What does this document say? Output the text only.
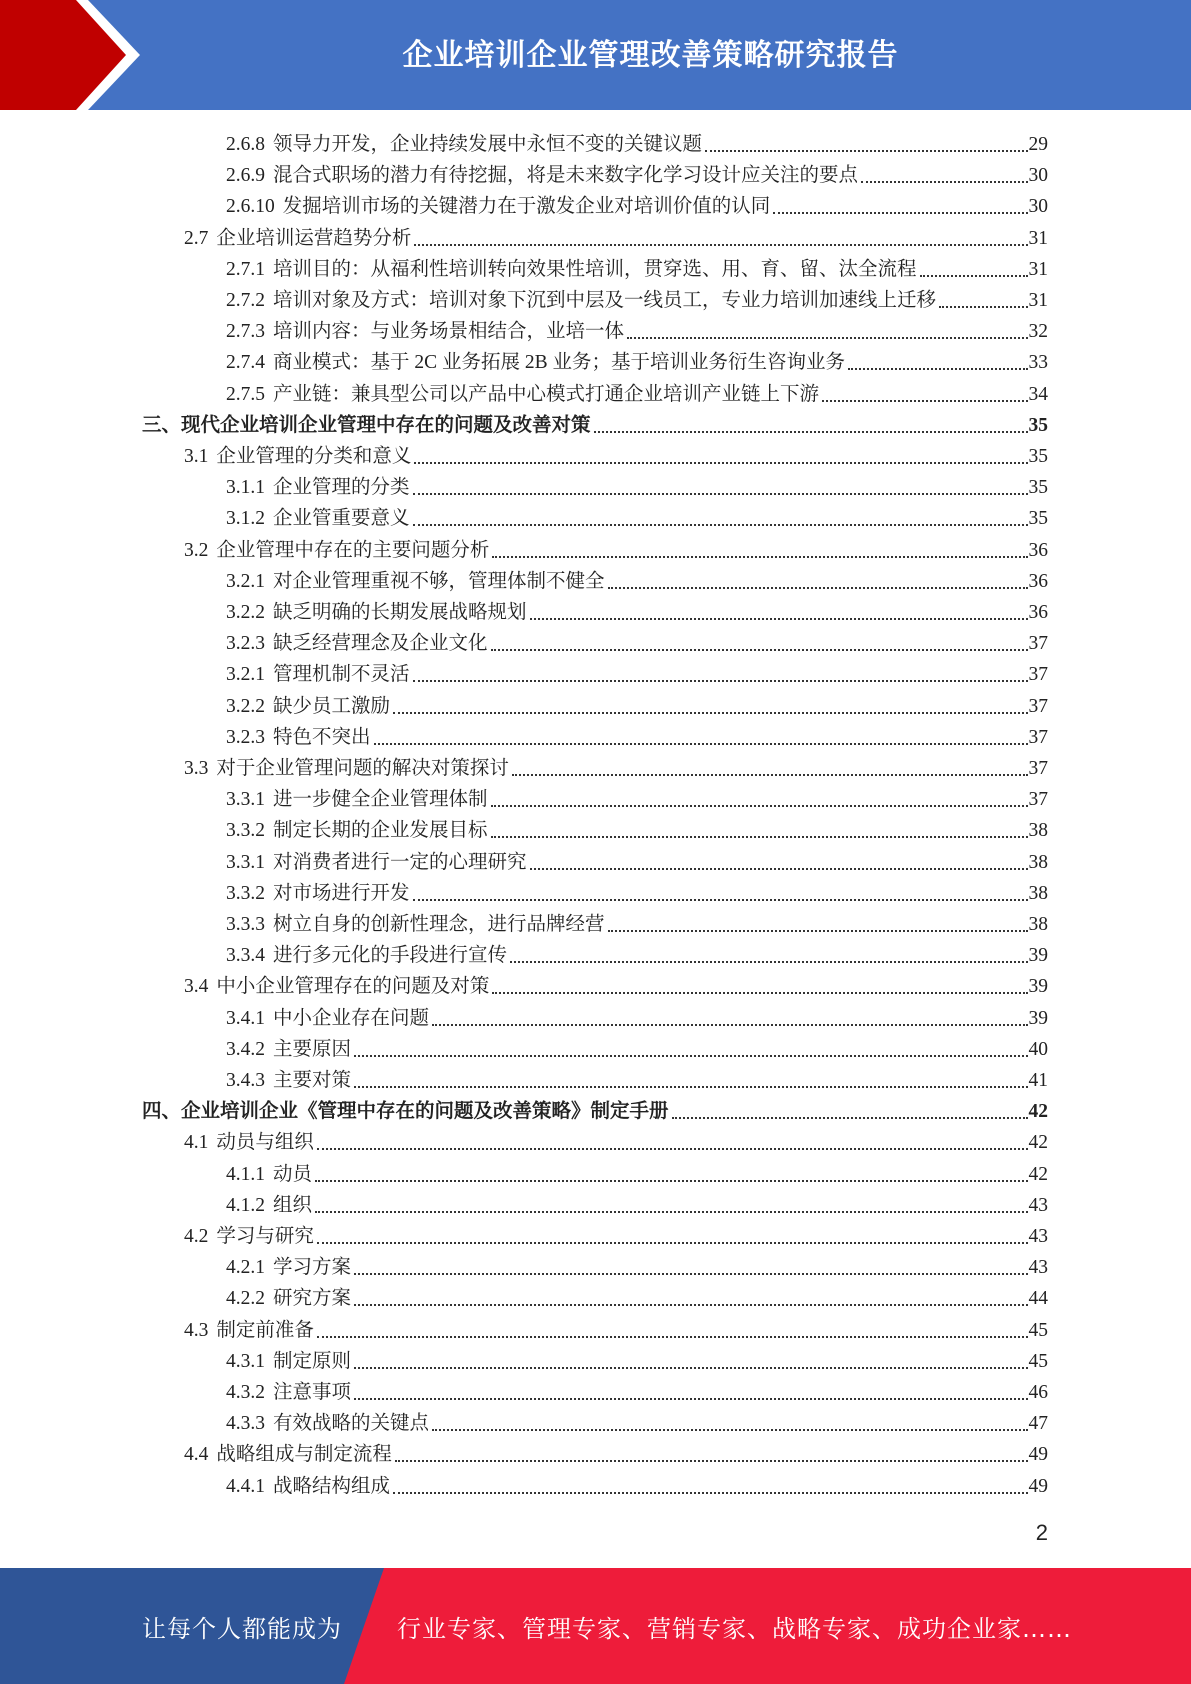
企业培训企业管理改善策略研究报告
2.6.8 领导力开发，企业持续发展中永恒不变的关键议题	29
2.6.9 混合式职场的潜力有待挖掘，将是未来数字化学习设计应关注的要点	30
2.6.10 发掘培训市场的关键潜力在于激发企业对培训价值的认同	30
2.7 企业培训运营趋势分析	31
2.7.1 培训目的：从福利性培训转向效果性培训，贯穿选、用、育、留、汰全流程	31
2.7.2 培训对象及方式：培训对象下沉到中层及一线员工，专业力培训加速线上迁移	31
2.7.3 培训内容：与业务场景相结合，业培一体	32
2.7.4 商业模式：基于 2C 业务拓展 2B 业务；基于培训业务衍生咨询业务	33
2.7.5 产业链：兼具型公司以产品中心模式打通企业培训产业链上下游	34
三、现代企业培训企业管理中存在的问题及改善对策	35
3.1 企业管理的分类和意义	35
3.1.1 企业管理的分类	35
3.1.2 企业管重要意义	35
3.2 企业管理中存在的主要问题分析	36
3.2.1 对企业管理重视不够，管理体制不健全	36
3.2.2 缺乏明确的长期发展战略规划	36
3.2.3 缺乏经营理念及企业文化	37
3.2.1 管理机制不灵活	37
3.2.2 缺少员工激励	37
3.2.3 特色不突出	37
3.3 对于企业管理问题的解决对策探讨	37
3.3.1 进一步健全企业管理体制	37
3.3.2 制定长期的企业发展目标	38
3.3.1 对消费者进行一定的心理研究	38
3.3.2 对市场进行开发	38
3.3.3 树立自身的创新性理念，进行品牌经营	38
3.3.4 进行多元化的手段进行宣传	39
3.4 中小企业管理存在的问题及对策	39
3.4.1 中小企业存在问题	39
3.4.2 主要原因	40
3.4.3 主要对策	41
四、企业培训企业《管理中存在的问题及改善策略》制定手册	42
4.1 动员与组织	42
4.1.1 动员	42
4.1.2 组织	43
4.2 学习与研究	43
4.2.1 学习方案	43
4.2.2 研究方案	44
4.3 制定前准备	45
4.3.1 制定原则	45
4.3.2 注意事项	46
4.3.3 有效战略的关键点	47
4.4 战略组成与制定流程	49
4.4.1 战略结构组成	49
2
让每个人都能成为 行业专家、管理专家、营销专家、战略专家、成功企业家……
